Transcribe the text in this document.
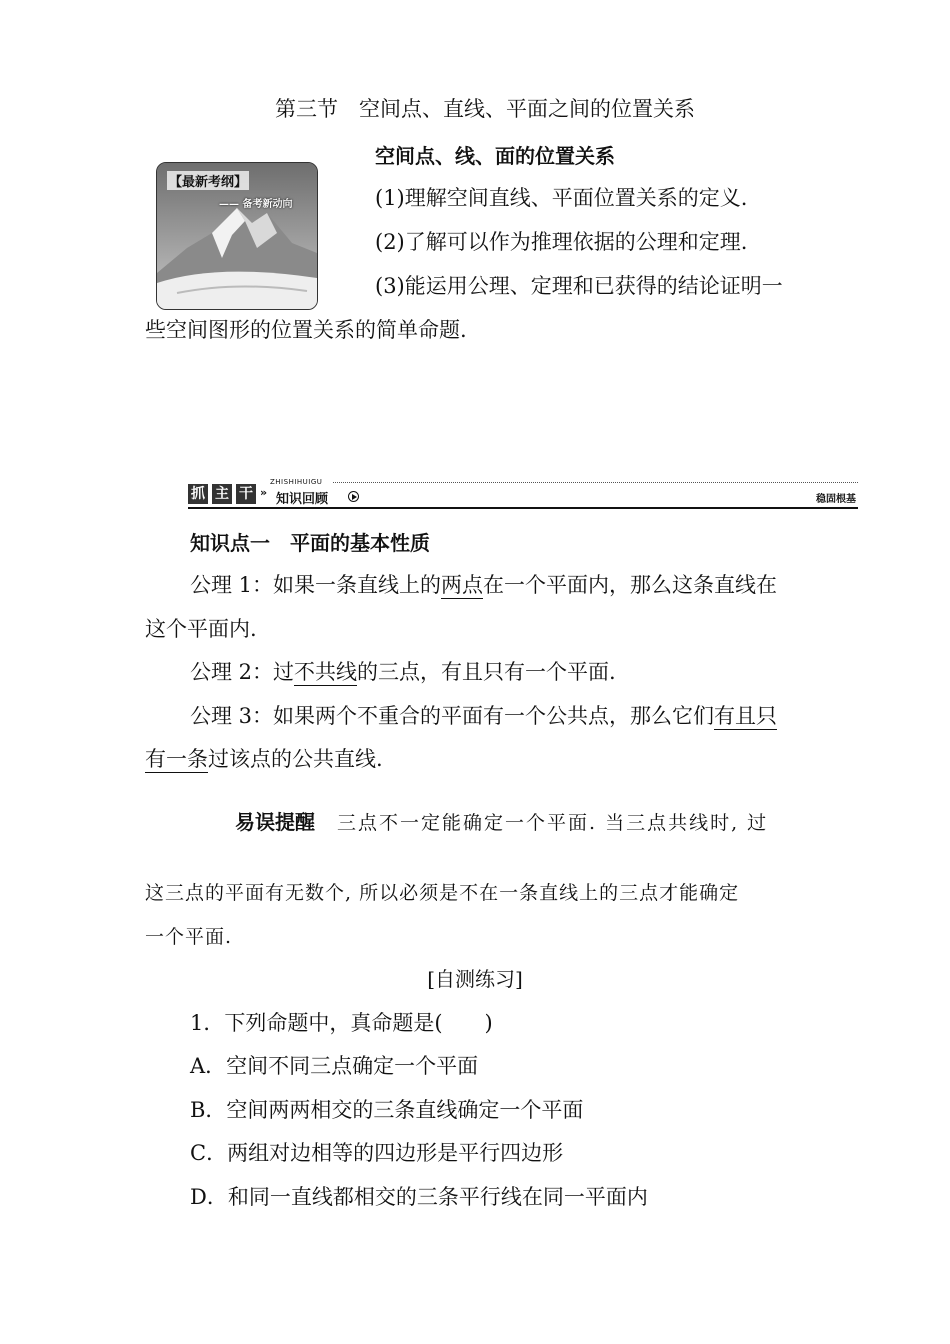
第三节　空间点、直线、平面之间的位置关系
空间点、线、面的位置关系
【最新考纲】
—— 备考新动向	(1)理解空间直线、平面位置关系的定义.
(2)了解可以作为推理依据的公理和定理.
(3)能运用公理、定理和已获得的结论证明一
些空间图形的位置关系的简单命题.
ZHISHIHUIGU
抓 主 干 » 知识回顾	稳固根基
知识点一　平面的基本性质
公理 1：如果一条直线上的两点在一个平面内，那么这条直线在
这个平面内.
公理 2：过不共线的三点，有且只有一个平面.
公理 3：如果两个不重合的平面有一个公共点，那么它们有且只
有一条过该点的公共直线.
易误提醒 三点不一定能确定一个平面. 当三点共线时, 过
这三点的平面有无数个, 所以必须是不在一条直线上的三点才能确定
一个平面.
[自测练习]
1．下列命题中，真命题是(　　)
A．空间不同三点确定一个平面
B．空间两两相交的三条直线确定一个平面
C．两组对边相等的四边形是平行四边形
D．和同一直线都相交的三条平行线在同一平面内
